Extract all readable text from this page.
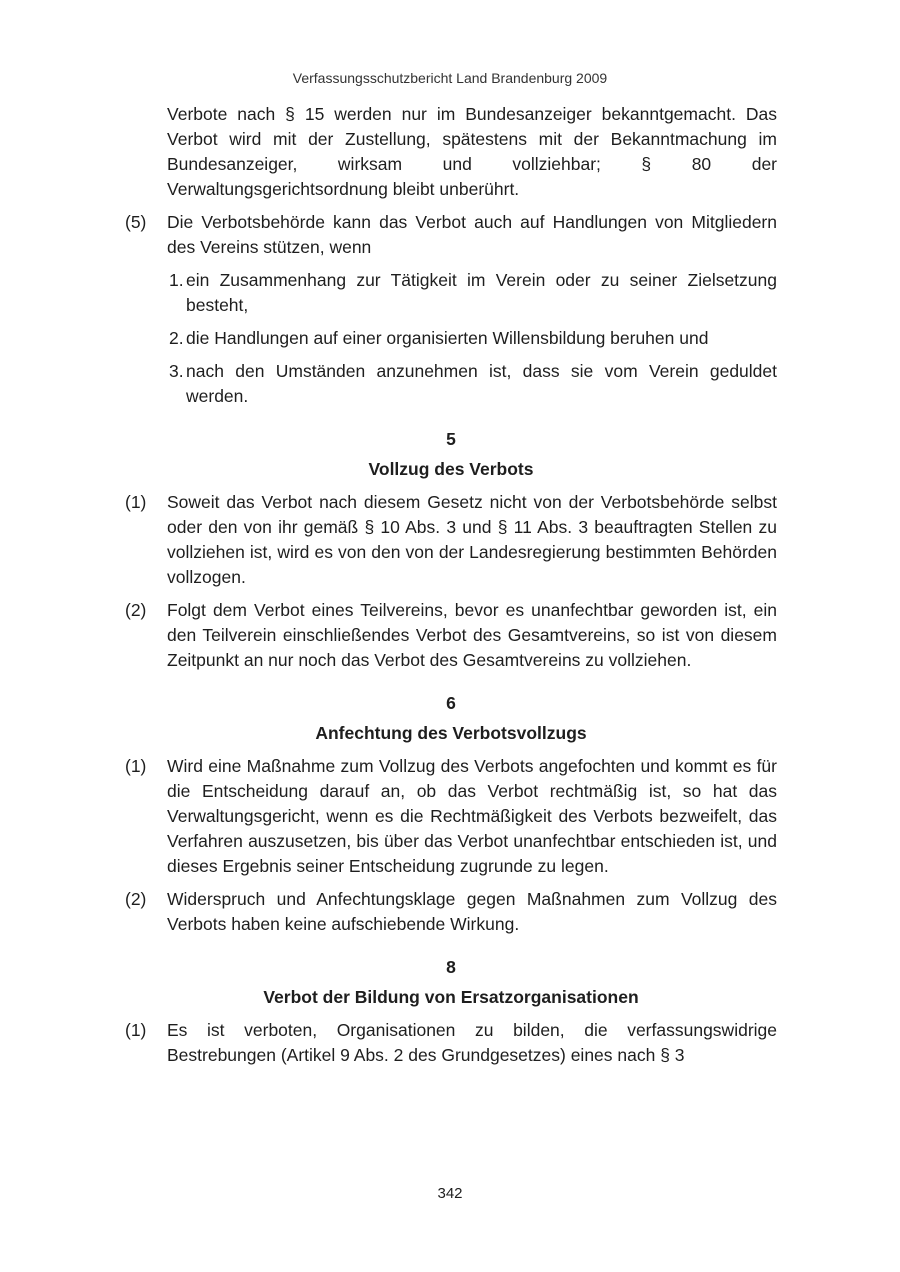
Verfassungsschutzbericht Land Brandenburg 2009

Verbote nach § 15 werden nur im Bundesanzeiger bekanntgemacht. Das Verbot wird mit der Zustellung, spätestens mit der Bekanntmachung im Bundesanzeiger, wirksam und vollziehbar; § 80 der Verwaltungsgerichtsordnung bleibt unberührt.

(5)	Die Verbotsbehörde kann das Verbot auch auf Handlungen von Mitgliedern des Vereins stützen, wenn
1. ein Zusammenhang zur Tätigkeit im Verein oder zu seiner Zielsetzung besteht,
2. die Handlungen auf einer organisierten Willensbildung beruhen und
3. nach den Umständen anzunehmen ist, dass sie vom Verein geduldet werden.
5
Vollzug des Verbots
(1)	Soweit das Verbot nach diesem Gesetz nicht von der Verbotsbehörde selbst oder den von ihr gemäß § 10 Abs. 3 und § 11 Abs. 3 beauftragten Stellen zu vollziehen ist, wird es von den von der Landesregierung bestimmten Behörden vollzogen.
(2)	Folgt dem Verbot eines Teilvereins, bevor es unanfechtbar geworden ist, ein den Teilverein einschließendes Verbot des Gesamtvereins, so ist von diesem Zeitpunkt an nur noch das Verbot des Gesamtvereins zu vollziehen.
6
Anfechtung des Verbotsvollzugs
(1)	Wird eine Maßnahme zum Vollzug des Verbots angefochten und kommt es für die Entscheidung darauf an, ob das Verbot rechtmäßig ist, so hat das Verwaltungsgericht, wenn es die Rechtmäßigkeit des Verbots bezweifelt, das Verfahren auszusetzen, bis über das Verbot unanfechtbar entschieden ist, und dieses Ergebnis seiner Entscheidung zugrunde zu legen.
(2)	Widerspruch und Anfechtungsklage gegen Maßnahmen zum Vollzug des Verbots haben keine aufschiebende Wirkung.
8
Verbot der Bildung von Ersatzorganisationen
(1)	Es ist verboten, Organisationen zu bilden, die verfassungswidrige Bestrebungen (Artikel 9 Abs. 2 des Grundgesetzes) eines nach § 3
342
